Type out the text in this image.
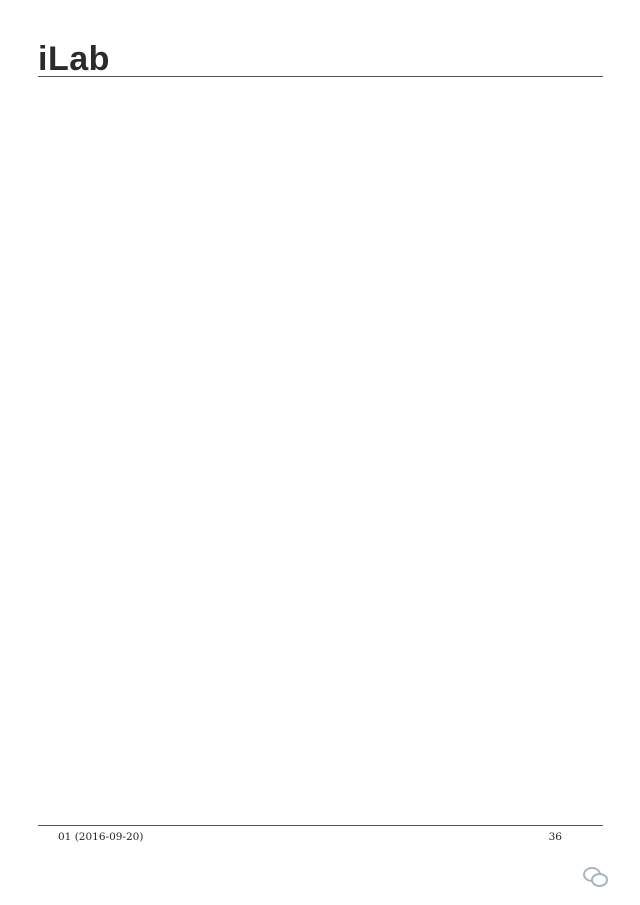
iLab

01 (2016-09-20)	36
